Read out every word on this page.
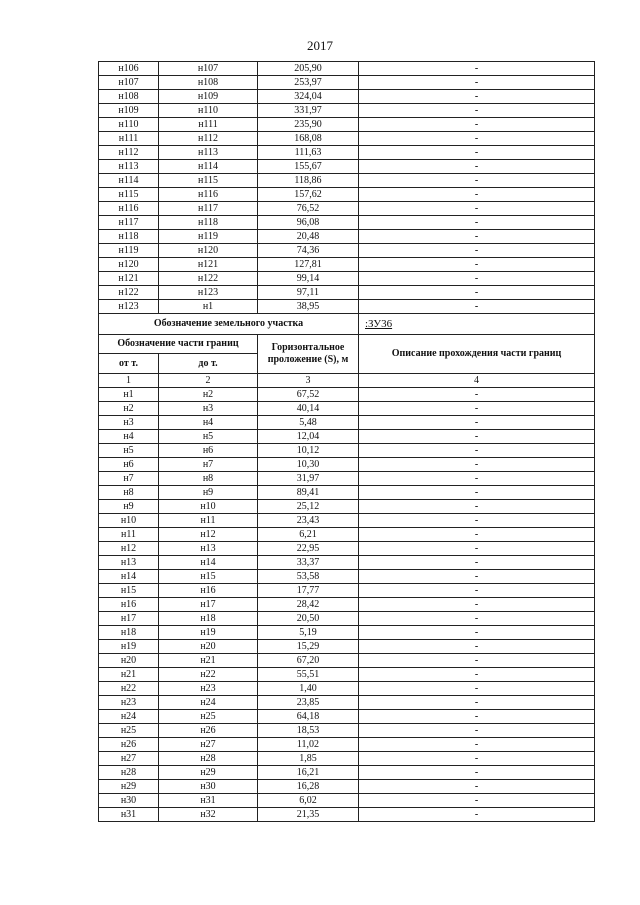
2017
н106	н107	205,90	-
н107	н108	253,97	-
н108	н109	324,04	-
н109	н110	331,97	-
н110	н111	235,90	-
н111	н112	168,08	-
н112	н113	111,63	-
н113	н114	155,67	-
н114	н115	118,86	-
н115	н116	157,62	-
н116	н117	76,52	-
н117	н118	96,08	-
н118	н119	20,48	-
н119	н120	74,36	-
н120	н121	127,81	-
н121	н122	99,14	-
н122	н123	97,11	-
н123	н1	38,95	-
Обозначение земельного участка			:ЗУ36
Обозначение части границ		Горизонтальное проложение (S), м	Описание прохождения части границ
от т.	до т.		
1	2	3	4
н1	н2	67,52	-
н2	н3	40,14	-
н3	н4	5,48	-
н4	н5	12,04	-
н5	н6	10,12	-
н6	н7	10,30	-
н7	н8	31,97	-
н8	н9	89,41	-
н9	н10	25,12	-
н10	н11	23,43	-
н11	н12	6,21	-
н12	н13	22,95	-
н13	н14	33,37	-
н14	н15	53,58	-
н15	н16	17,77	-
н16	н17	28,42	-
н17	н18	20,50	-
н18	н19	5,19	-
н19	н20	15,29	-
н20	н21	67,20	-
н21	н22	55,51	-
н22	н23	1,40	-
н23	н24	23,85	-
н24	н25	64,18	-
н25	н26	18,53	-
н26	н27	11,02	-
н27	н28	1,85	-
н28	н29	16,21	-
н29	н30	16,28	-
н30	н31	6,02	-
н31	н32	21,35	-
